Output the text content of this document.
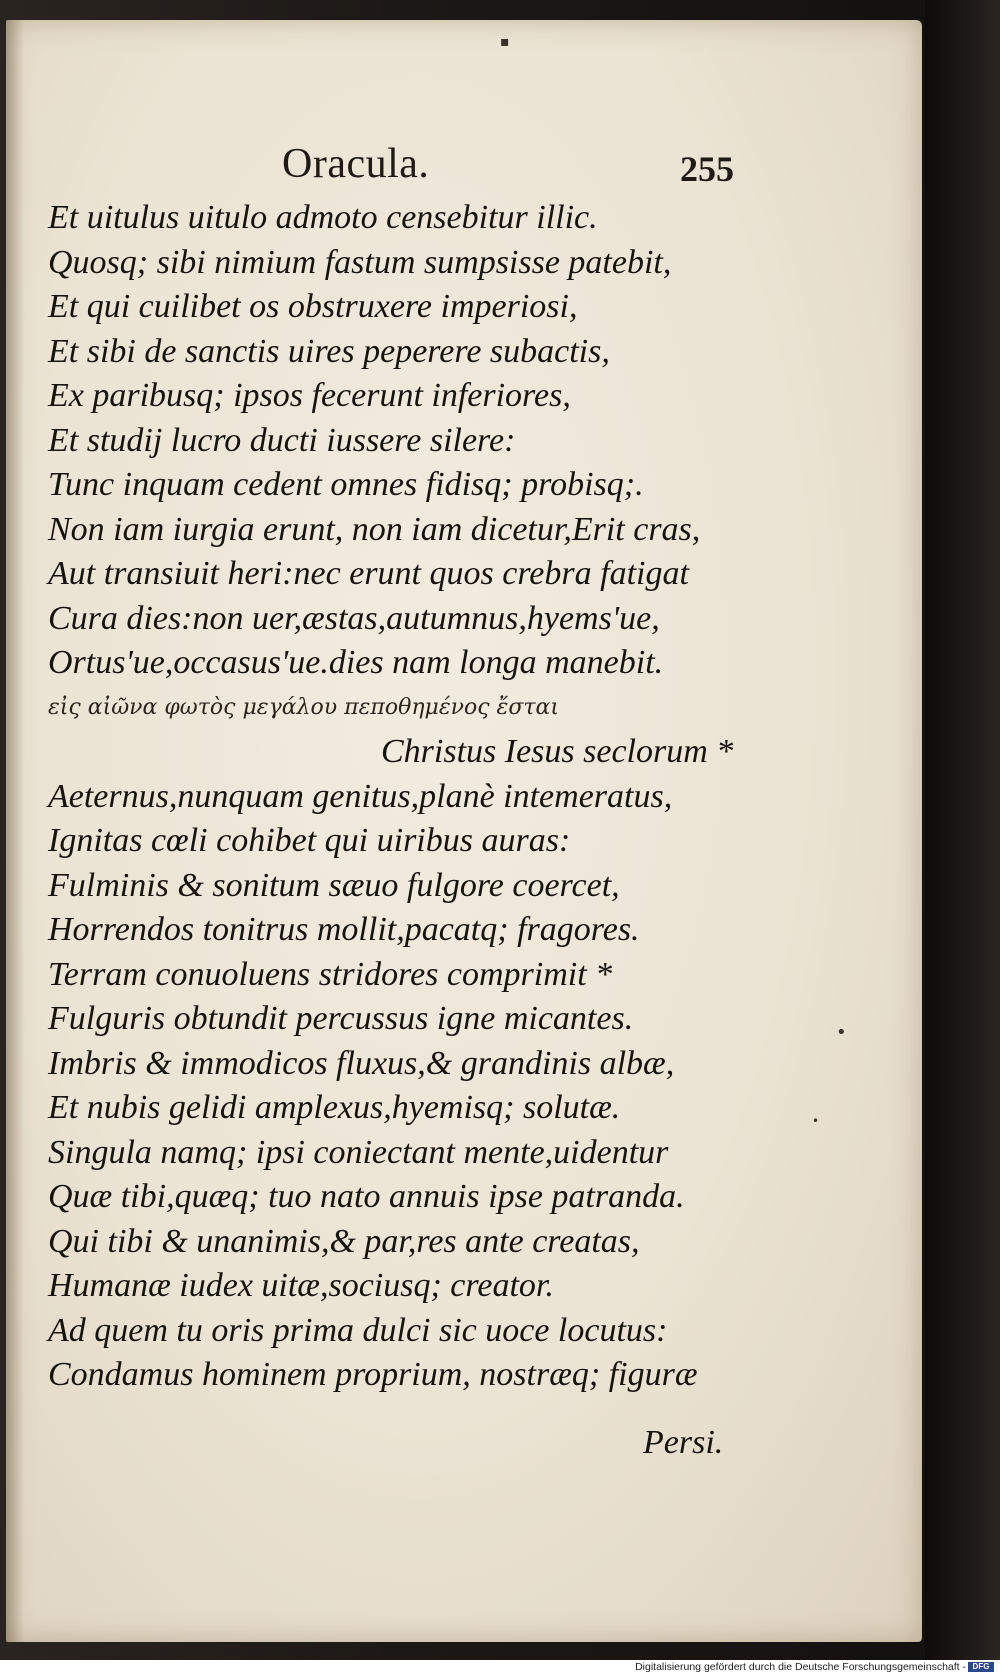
▪
•
•
Oracula.	255
Et uitulus uitulo admoto censebitur illic.
Quosq; sibi nimium fastum sumpsisse patebit,
Et qui cuilibet os obstruxere imperiosi,
Et sibi de sanctis uires peperere subactis,
Ex paribusq; ipsos fecerunt inferiores,
Et studij lucro ducti iussere silere:
Tunc inquam cedent omnes fidisq; probisq;.
Non iam iurgia erunt, non iam dicetur,Erit cras,
Aut transiuit heri:nec erunt quos crebra fatigat
Cura dies:non uer,æstas,autumnus,hyems'ue,
Ortus'ue,occasus'ue.dies nam longa manebit.
εἰς αἰῶνα φωτὸς μεγάλου πεποθημένος ἔσται
Christus Iesus seclorum *
Aeternus,nunquam genitus,planè intemeratus,
Ignitas cœli cohibet qui uiribus auras:
Fulminis & sonitum sæuo fulgore coercet,
Horrendos tonitrus mollit,pacatq; fragores.
Terram conuoluens stridores comprimit *
Fulguris obtundit percussus igne micantes.
Imbris & immodicos fluxus,& grandinis albæ,
Et nubis gelidi amplexus,hyemisq; solutæ.
Singula namq; ipsi coniectant mente,uidentur
Quæ tibi,quæq; tuo nato annuis ipse patranda.
Qui tibi & unanimis,& par,res ante creatas,
Humanæ iudex uitæ,sociusq; creator.
Ad quem tu oris prima dulci sic uoce locutus:
Condamus hominem proprium, nostræq; figuræ
Persi.
Digitalisierung gefördert durch die Deutsche Forschungsgemeinschaft - DFG
